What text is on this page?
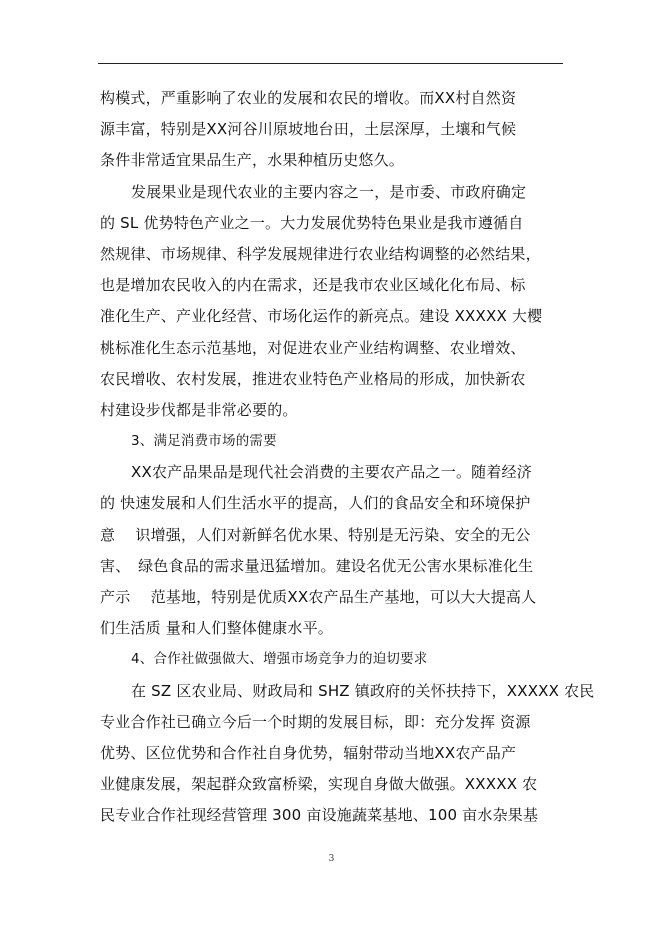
构模式，严重影响了农业的发展和农民的增收。而XX村自然资
源丰富，特别是XX河谷川原坡地台田，土层深厚，土壤和气候
条件非常适宜果品生产，水果种植历史悠久。
发展果业是现代农业的主要内容之一，是市委、市政府确定
的 SL 优势特色产业之一。大力发展优势特色果业是我市遵循自
然规律、市场规律、科学发展规律进行农业结构调整的必然结果，
也是增加农民收入的内在需求，还是我市农业区域化化布局、标
准化生产、产业化经营、市场化运作的新亮点。建设 XXXXX 大樱
桃标准化生态示范基地，对促进农业产业结构调整、农业增效、
农民增收、农村发展，推进农业特色产业格局的形成，加快新农
村建设步伐都是非常必要的。
3、满足消费市场的需要
XX农产品果品是现代社会消费的主要农产品之一。随着经济
的 快速发展和人们生活水平的提高，人们的食品安全和环境保护
意　 识增强，人们对新鲜名优水果、特别是无污染、安全的无公
害、　绿色食品的需求量迅猛增加。建设名优无公害水果标准化生
产示　 范基地，特别是优质XX农产品生产基地，可以大大提高人
们生活质 量和人们整体健康水平。
4、合作社做强做大、增强市场竞争力的迫切要求
在 SZ 区农业局、财政局和 SHZ 镇政府的关怀扶持下，XXXXX 农民
专业合作社已确立今后一个时期的发展目标，即：充分发挥 资源
优势、区位优势和合作社自身优势，辐射带动当地XX农产品产
业健康发展，架起群众致富桥梁，实现自身做大做强。XXXXX 农
民专业合作社现经营管理 300 亩设施蔬菜基地、100 亩水杂果基
3
